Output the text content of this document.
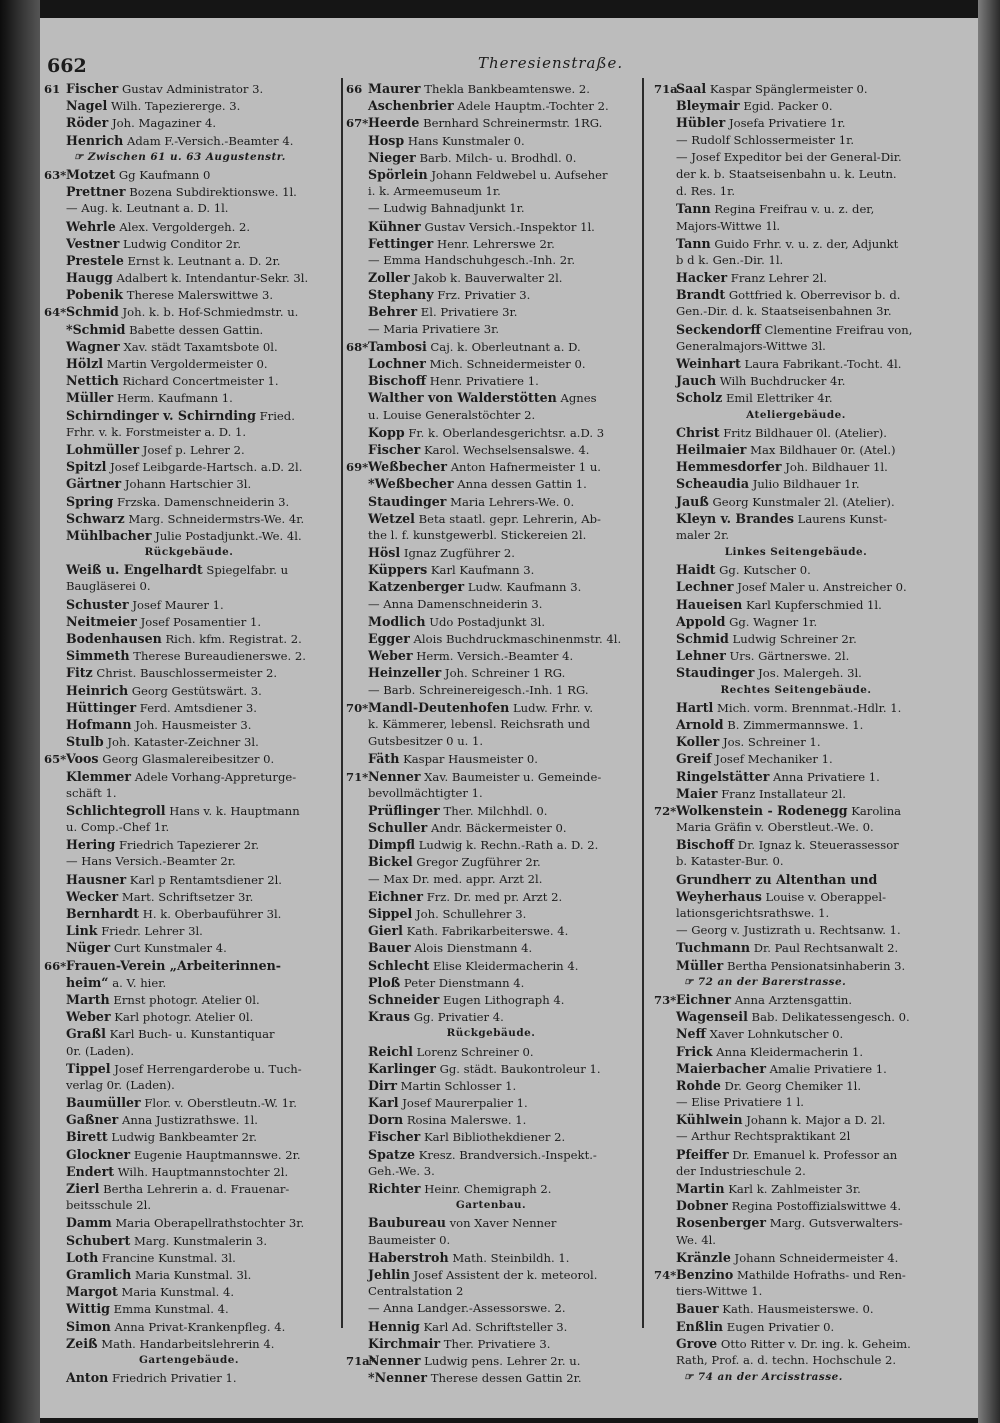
662	Theresienstraße.
61 Fischer Gustav Administrator 3.
Nagel Wilh. Tapeziererge. 3.
Röder Joh. Magaziner 4.
Henrich Adam F.-Versich.-Beamter 4.
☞ Zwischen 61 u. 63 Augustenstr.
63*Motzet Gg Kaufmann 0
Prettner Bozena Subdirektionswe. 1l.
— Aug. k. Leutnant a. D. 1l.
Wehrle Alex. Vergoldergeh. 2.
Vestner Ludwig Conditor 2r.
Prestele Ernst k. Leutnant a. D. 2r.
Haugg Adalbert k. Intendantur-Sekr. 3l.
Pobenik Therese Malerswittwe 3.
64*Schmid Joh. k. b. Hof-Schmiedmstr. u.
*Schmid Babette dessen Gattin.
Wagner Xav. städt Taxamtsbote 0l.
Hölzl Martin Vergoldermeister 0.
Nettich Richard Concertmeister 1.
Müller Herm. Kaufmann 1.
Schirndinger v. Schirnding Fried.
Frhr. v. k. Forstmeister a. D. 1.
Lohmüller Josef p. Lehrer 2.
Spitzl Josef Leibgarde-Hartsch. a.D. 2l.
Gärtner Johann Hartschier 3l.
Spring Frzska. Damenschneiderin 3.
Schwarz Marg. Schneidermstrs-We. 4r.
Mühlbacher Julie Postadjunkt.-We. 4l.
Rückgebäude.
Weiß u. Engelhardt Spiegelfabr. u
Baugläserei 0.
Schuster Josef Maurer 1.
Neitmeier Josef Posamentier 1.
Bodenhausen Rich. kfm. Registrat. 2.
Simmeth Therese Bureaudienerswe. 2.
Fitz Christ. Bauschlossermeister 2.
Heinrich Georg Gestütswärt. 3.
Hüttinger Ferd. Amtsdiener 3.
Hofmann Joh. Hausmeister 3.
Stulb Joh. Kataster-Zeichner 3l.
65*Voos Georg Glasmalereibesitzer 0.
Klemmer Adele Vorhang-Appreturge-
schäft 1.
Schlichtegroll Hans v. k. Hauptmann
u. Comp.-Chef 1r.
Hering Friedrich Tapezierer 2r.
— Hans Versich.-Beamter 2r.
Hausner Karl p Rentamtsdiener 2l.
Wecker Mart. Schriftsetzer 3r.
Bernhardt H. k. Oberbauführer 3l.
Link Friedr. Lehrer 3l.
Nüger Curt Kunstmaler 4.
66*Frauen-Verein „Arbeiterinnen-
heim“ a. V. hier.
Marth Ernst photogr. Atelier 0l.
Weber Karl photogr. Atelier 0l.
Graßl Karl Buch- u. Kunstantiquar
0r. (Laden).
Tippel Josef Herrengarderobe u. Tuch-
verlag 0r. (Laden).
Baumüller Flor. v. Oberstleutn.-W. 1r.
Gaßner Anna Justizrathswe. 1l.
Birett Ludwig Bankbeamter 2r.
Glockner Eugenie Hauptmannswe. 2r.
Endert Wilh. Hauptmannstochter 2l.
Zierl Bertha Lehrerin a. d. Frauenar-
beitsschule 2l.
Damm Maria Oberapellrathstochter 3r.
Schubert Marg. Kunstmalerin 3.
Loth Francine Kunstmal. 3l.
Gramlich Maria Kunstmal. 3l.
Margot Maria Kunstmal. 4.
Wittig Emma Kunstmal. 4.
Simon Anna Privat-Krankenpfleg. 4.
Zeiß Math. Handarbeitslehrerin 4.
Gartengebäude.
Anton Friedrich Privatier 1.
66 Maurer Thekla Bankbeamtenswe. 2.
Aschenbrier Adele Hauptm.-Tochter 2.
67*Heerde Bernhard Schreinermstr. 1RG.
Hosp Hans Kunstmaler 0.
Nieger Barb. Milch- u. Brodhdl. 0.
Spörlein Johann Feldwebel u. Aufseher
i. k. Armeemuseum 1r.
— Ludwig Bahnadjunkt 1r.
Kühner Gustav Versich.-Inspektor 1l.
Fettinger Henr. Lehrerswe 2r.
— Emma Handschuhgesch.-Inh. 2r.
Zoller Jakob k. Bauverwalter 2l.
Stephany Frz. Privatier 3.
Behrer El. Privatiere 3r.
— Maria Privatiere 3r.
68*Tambosi Caj. k. Oberleutnant a. D.
Lochner Mich. Schneidermeister 0.
Bischoff Henr. Privatiere 1.
Walther von Walderstötten Agnes
u. Louise Generalstöchter 2.
Kopp Fr. k. Oberlandesgerichtsr. a.D. 3
Fischer Karol. Wechselsensalswe. 4.
69*Weßbecher Anton Hafnermeister 1 u.
*Weßbecher Anna dessen Gattin 1.
Staudinger Maria Lehrers-We. 0.
Wetzel Beta staatl. gepr. Lehrerin, Ab-
the l. f. kunstgewerbl. Stickereien 2l.
Hösl Ignaz Zugführer 2.
Küppers Karl Kaufmann 3.
Katzenberger Ludw. Kaufmann 3.
— Anna Damenschneiderin 3.
Modlich Udo Postadjunkt 3l.
Egger Alois Buchdruckmaschinenmstr. 4l.
Weber Herm. Versich.-Beamter 4.
Heinzeller Joh. Schreiner 1 RG.
— Barb. Schreinereigesch.-Inh. 1 RG.
70*Mandl-Deutenhofen Ludw. Frhr. v.
k. Kämmerer, lebensl. Reichsrath und
Gutsbesitzer 0 u. 1.
Fäth Kaspar Hausmeister 0.
71*Nenner Xav. Baumeister u. Gemeinde-
bevollmächtigter 1.
Prüflinger Ther. Milchhdl. 0.
Schuller Andr. Bäckermeister 0.
Dimpfl Ludwig k. Rechn.-Rath a. D. 2.
Bickel Gregor Zugführer 2r.
— Max Dr. med. appr. Arzt 2l.
Eichner Frz. Dr. med pr. Arzt 2.
Sippel Joh. Schullehrer 3.
Gierl Kath. Fabrikarbeiterswe. 4.
Bauer Alois Dienstmann 4.
Schlecht Elise Kleidermacherin 4.
Ploß Peter Dienstmann 4.
Schneider Eugen Lithograph 4.
Kraus Gg. Privatier 4.
Rückgebäude.
Reichl Lorenz Schreiner 0.
Karlinger Gg. städt. Baukontroleur 1.
Dirr Martin Schlosser 1.
Karl Josef Maurerpalier 1.
Dorn Rosina Malerswe. 1.
Fischer Karl Bibliothekdiener 2.
Spatze Kresz. Brandversich.-Inspekt.-
Geh.-We. 3.
Richter Heinr. Chemigraph 2.
Gartenbau.
Baubureau von Xaver Nenner
Baumeister 0.
Haberstroh Math. Steinbildh. 1.
Jehlin Josef Assistent der k. meteorol.
Centralstation 2
— Anna Landger.-Assessorswe. 2.
Hennig Karl Ad. Schriftsteller 3.
Kirchmair Ther. Privatiere 3.
71a*Nenner Ludwig pens. Lehrer 2r. u.
*Nenner Therese dessen Gattin 2r.
71aSaal Kaspar Spänglermeister 0.
Bleymair Egid. Packer 0.
Hübler Josefa Privatiere 1r.
— Rudolf Schlossermeister 1r.
— Josef Expeditor bei der General-Dir.
der k. b. Staatseisenbahn u. k. Leutn.
d. Res. 1r.
Tann Regina Freifrau v. u. z. der,
Majors-Wittwe 1l.
Tann Guido Frhr. v. u. z. der, Adjunkt
b d k. Gen.-Dir. 1l.
Hacker Franz Lehrer 2l.
Brandt Gottfried k. Oberrevisor b. d.
Gen.-Dir. d. k. Staatseisenbahnen 3r.
Seckendorff Clementine Freifrau von,
Generalmajors-Wittwe 3l.
Weinhart Laura Fabrikant.-Tocht. 4l.
Jauch Wilh Buchdrucker 4r.
Scholz Emil Elettriker 4r.
Ateliergebäude.
Christ Fritz Bildhauer 0l. (Atelier).
Heilmaier Max Bildhauer 0r. (Atel.)
Hemmesdorfer Joh. Bildhauer 1l.
Scheaudia Julio Bildhauer 1r.
Jauß Georg Kunstmaler 2l. (Atelier).
Kleyn v. Brandes Laurens Kunst-
maler 2r.
Linkes Seitengebäude.
Haidt Gg. Kutscher 0.
Lechner Josef Maler u. Anstreicher 0.
Haueisen Karl Kupferschmied 1l.
Appold Gg. Wagner 1r.
Schmid Ludwig Schreiner 2r.
Lehner Urs. Gärtnerswe. 2l.
Staudinger Jos. Malergeh. 3l.
Rechtes Seitengebäude.
Hartl Mich. vorm. Brennmat.-Hdlr. 1.
Arnold B. Zimmermannswe. 1.
Koller Jos. Schreiner 1.
Greif Josef Mechaniker 1.
Ringelstätter Anna Privatiere 1.
Maier Franz Installateur 2l.
72*Wolkenstein - Rodenegg Karolina
Maria Gräfin v. Oberstleut.-We. 0.
Bischoff Dr. Ignaz k. Steuerassessor
b. Kataster-Bur. 0.
Grundherr zu Altenthan und
Weyherhaus Louise v. Oberappel-
lationsgerichtsrathswe. 1.
— Georg v. Justizrath u. Rechtsanw. 1.
Tuchmann Dr. Paul Rechtsanwalt 2.
Müller Bertha Pensionatsinhaberin 3.
☞ 72 an der Barerstrasse.
73*Eichner Anna Arztensgattin.
Wagenseil Bab. Delikatessengesch. 0.
Neff Xaver Lohnkutscher 0.
Frick Anna Kleidermacherin 1.
Maierbacher Amalie Privatiere 1.
Rohde Dr. Georg Chemiker 1l.
— Elise Privatiere 1 l.
Kühlwein Johann k. Major a D. 2l.
— Arthur Rechtspraktikant 2l
Pfeiffer Dr. Emanuel k. Professor an
der Industrieschule 2.
Martin Karl k. Zahlmeister 3r.
Dobner Regina Postoffizialswittwe 4.
Rosenberger Marg. Gutsverwalters-
We. 4l.
Kränzle Johann Schneidermeister 4.
74*Benzino Mathilde Hofraths- und Ren-
tiers-Wittwe 1.
Bauer Kath. Hausmeisterswe. 0.
Enßlin Eugen Privatier 0.
Grove Otto Ritter v. Dr. ing. k. Geheim.
Rath, Prof. a. d. techn. Hochschule 2.
☞ 74 an der Arcisstrasse.
